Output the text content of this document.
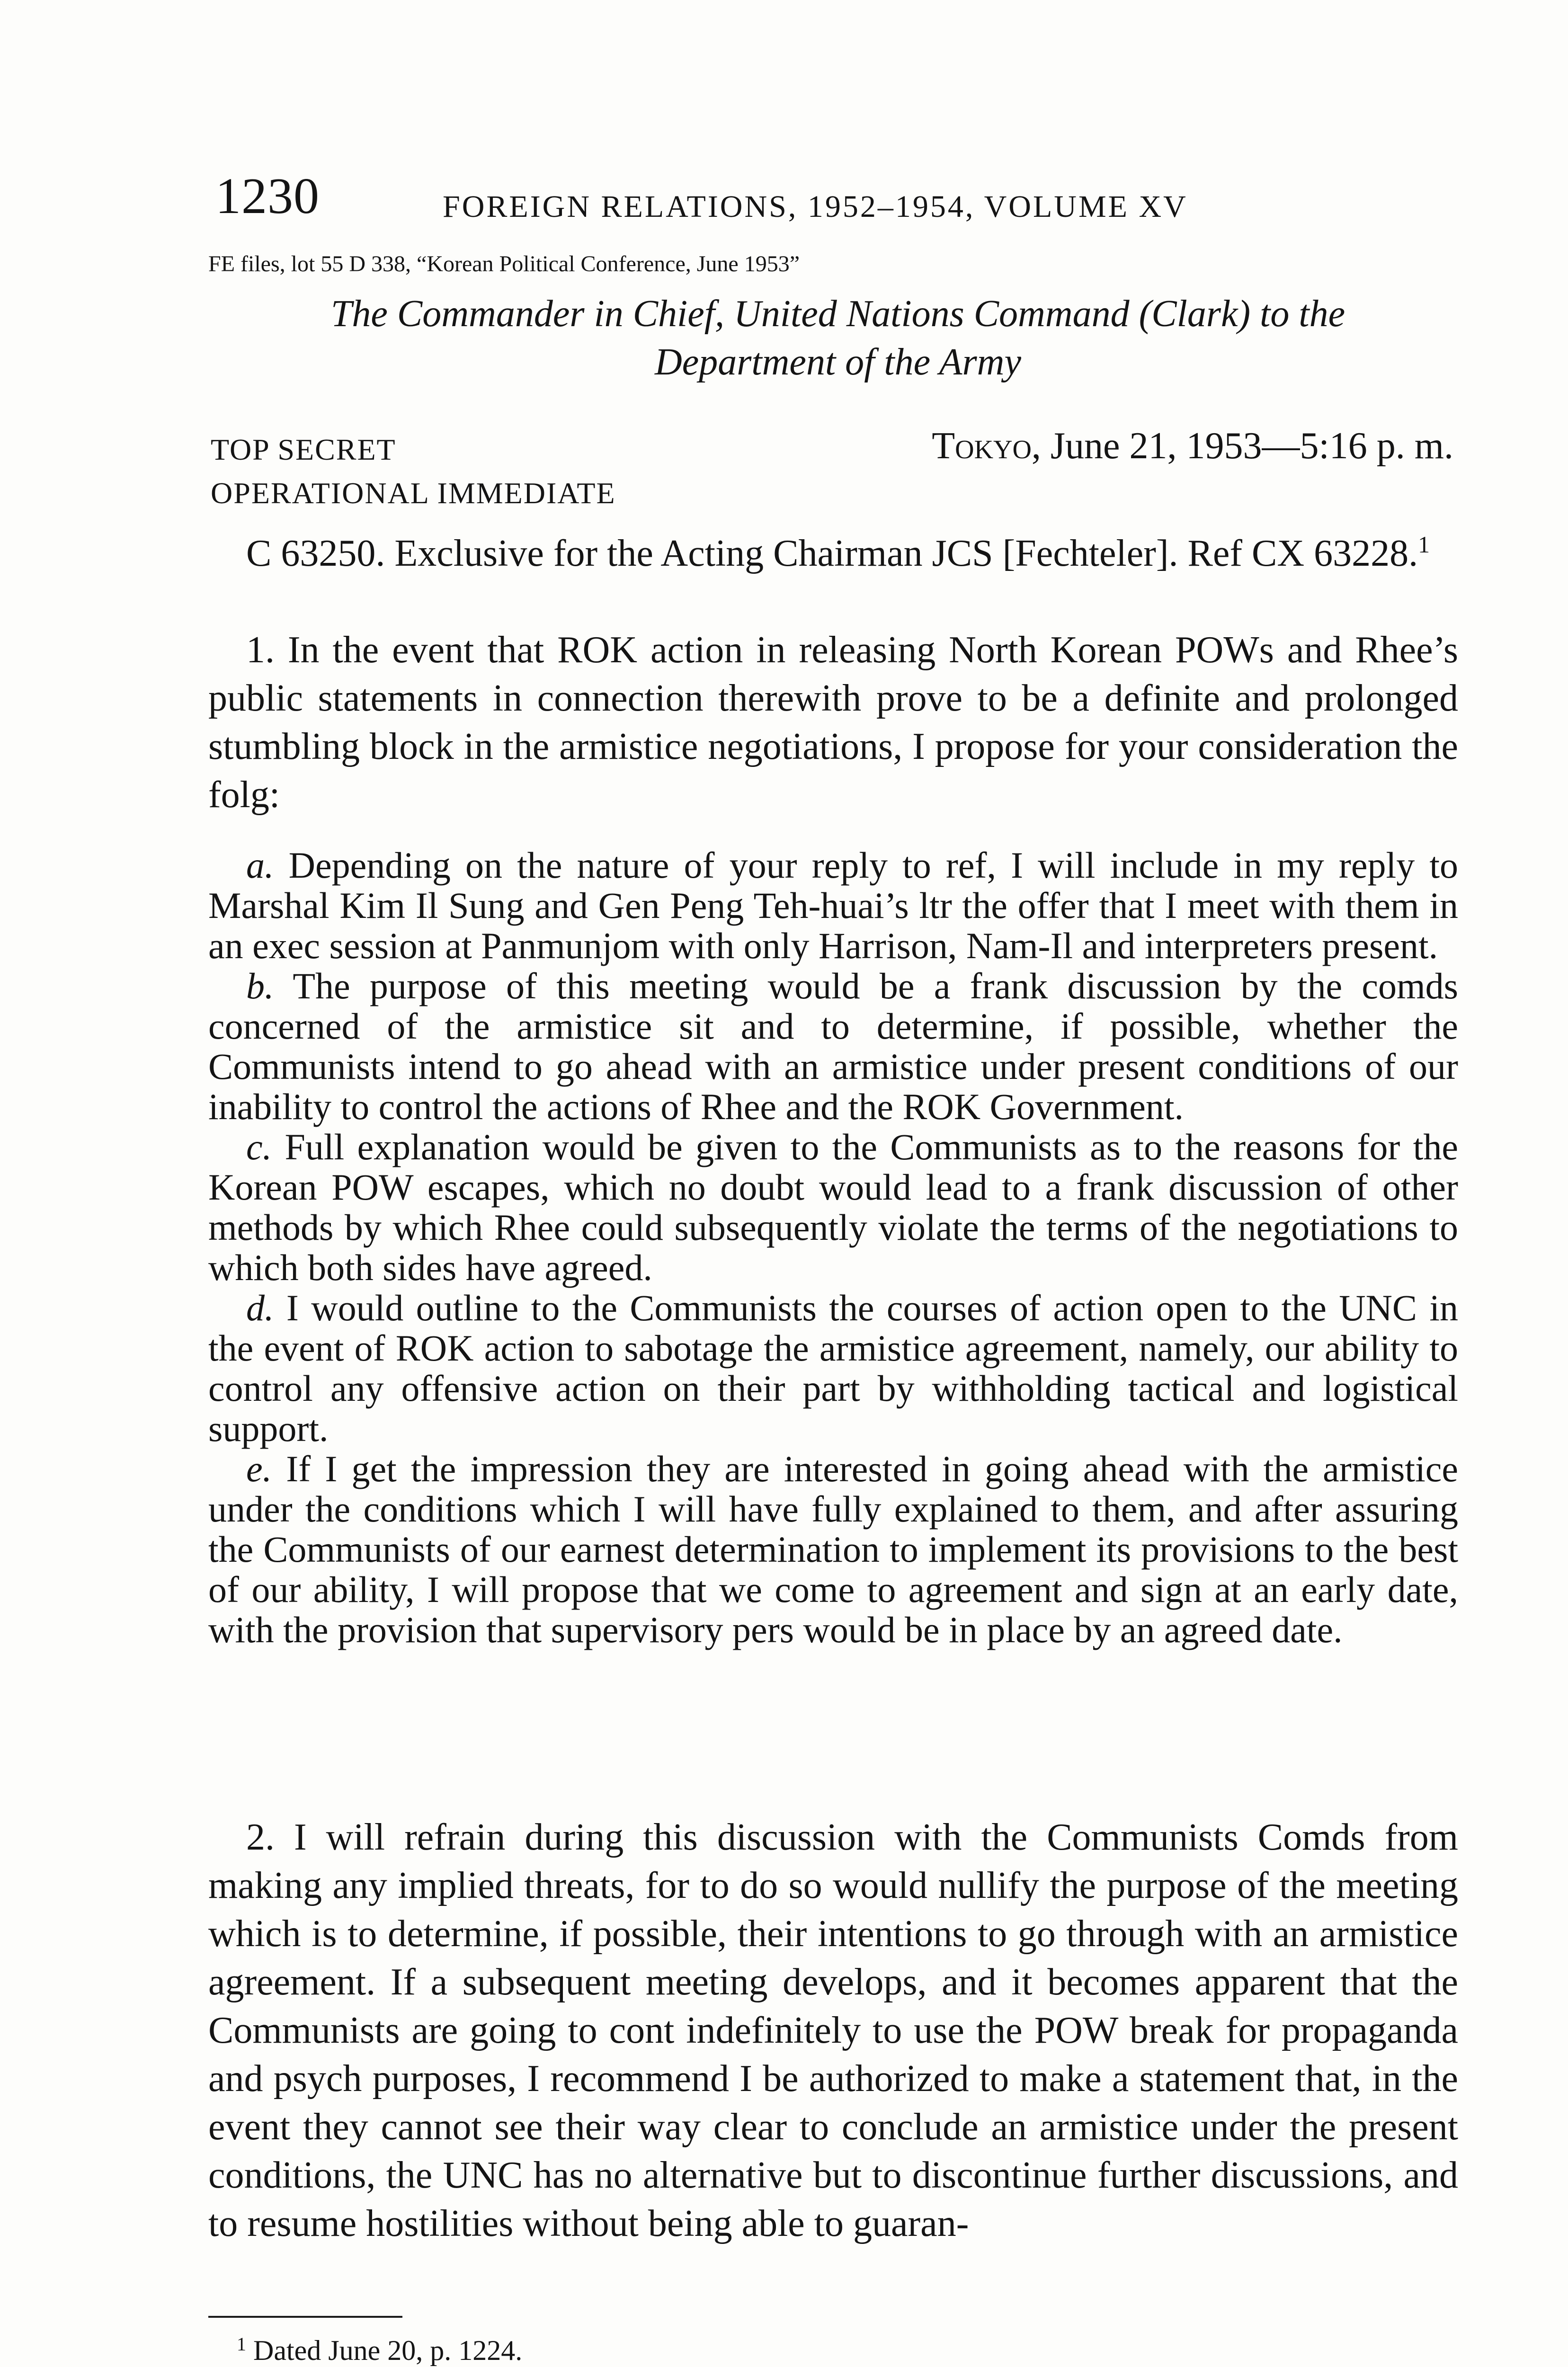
1230	FOREIGN RELATIONS, 1952–1954, VOLUME XV
FE files, lot 55 D 338, “Korean Political Conference, June 1953”
The Commander in Chief, United Nations Command (Clark) to the
Department of the Army
TOP SECRET
OPERATIONAL IMMEDIATE
Tokyo, June 21, 1953—5:16 p. m.

C 63250. Exclusive for the Acting Chairman JCS [Fechteler]. Ref CX 63228.$^1$

1. In the event that ROK action in releasing North Korean POWs and Rhee’s public statements in connection therewith prove to be a definite and prolonged stumbling block in the armistice negotiations, I propose for your consideration the folg:

a. Depending on the nature of your reply to ref, I will include in my reply to Marshal Kim Il Sung and Gen Peng Teh-huai’s ltr the offer that I meet with them in an exec session at Panmunjom with only Harrison, Nam-Il and interpreters present.

b. The purpose of this meeting would be a frank discussion by the comds concerned of the armistice sit and to determine, if possible, whether the Communists intend to go ahead with an armistice under present conditions of our inability to control the actions of Rhee and the ROK Government.

c. Full explanation would be given to the Communists as to the reasons for the Korean POW escapes, which no doubt would lead to a frank discussion of other methods by which Rhee could subsequently violate the terms of the negotiations to which both sides have agreed.

d. I would outline to the Communists the courses of action open to the UNC in the event of ROK action to sabotage the armistice agreement, namely, our ability to control any offensive action on their part by withholding tactical and logistical support.

e. If I get the impression they are interested in going ahead with the armistice under the conditions which I will have fully explained to them, and after assuring the Communists of our earnest determination to implement its provisions to the best of our ability, I will propose that we come to agreement and sign at an early date, with the provision that supervisory pers would be in place by an agreed date.

2. I will refrain during this discussion with the Communists Comds from making any implied threats, for to do so would nullify the purpose of the meeting which is to determine, if possible, their intentions to go through with an armistice agreement. If a subsequent meeting develops, and it becomes apparent that the Communists are going to cont indefinitely to use the POW break for propaganda and psych purposes, I recommend I be authorized to make a statement that, in the event they cannot see their way clear to conclude an armistice under the present conditions, the UNC has no alternative but to discontinue further discussions, and to resume hostilities without being able to guaran-

$^1$ Dated June 20, p. 1224.
